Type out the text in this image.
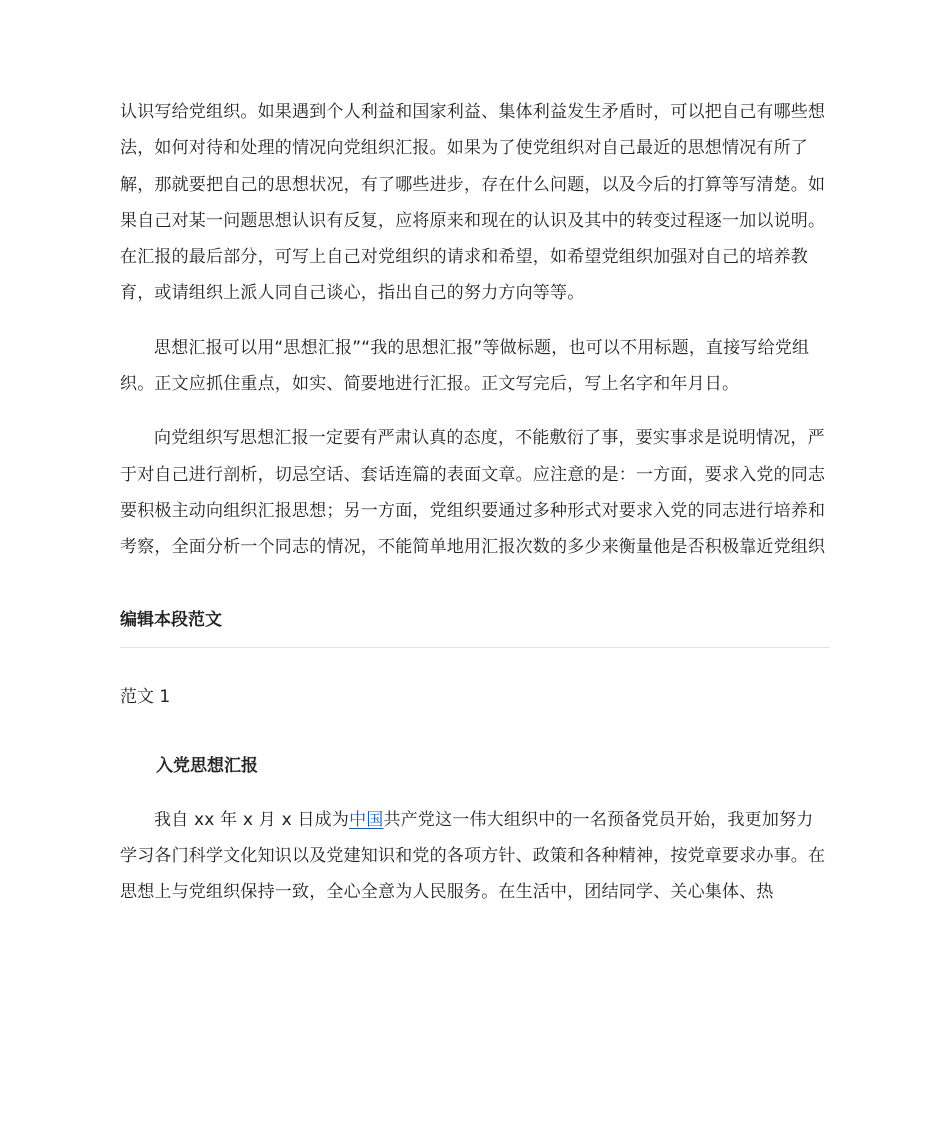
认识写给党组织。如果遇到个人利益和国家利益、集体利益发生矛盾时，可以把自己有哪些想法，如何对待和处理的情况向党组织汇报。如果为了使党组织对自己最近的思想情况有所了解，那就要把自己的思想状况，有了哪些进步，存在什么问题，以及今后的打算等写清楚。如果自己对某一问题思想认识有反复，应将原来和现在的认识及其中的转变过程逐一加以说明。在汇报的最后部分，可写上自己对党组织的请求和希望，如希望党组织加强对自己的培养教育，或请组织上派人同自己谈心，指出自己的努力方向等等。

思想汇报可以用“思想汇报”“我的思想汇报”等做标题，也可以不用标题，直接写给党组织。正文应抓住重点，如实、简要地进行汇报。正文写完后，写上名字和年月日。

向党组织写思想汇报一定要有严肃认真的态度，不能敷衍了事，要实事求是说明情况，严于对自己进行剖析，切忌空话、套话连篇的表面文章。应注意的是：一方面，要求入党的同志要积极主动向组织汇报思想；另一方面，党组织要通过多种形式对要求入党的同志进行培养和考察，全面分析一个同志的情况，不能简单地用汇报次数的多少来衡量他是否积极靠近党组织

编辑本段范文
范文 1
入党思想汇报

我自 xx 年 x 月 x 日成为中国共产党这一伟大组织中的一名预备党员开始，我更加努力学习各门科学文化知识以及党建知识和党的各项方针、政策和各种精神，按党章要求办事。在思想上与党组织保持一致，全心全意为人民服务。在生活中，团结同学、关心集体、热
